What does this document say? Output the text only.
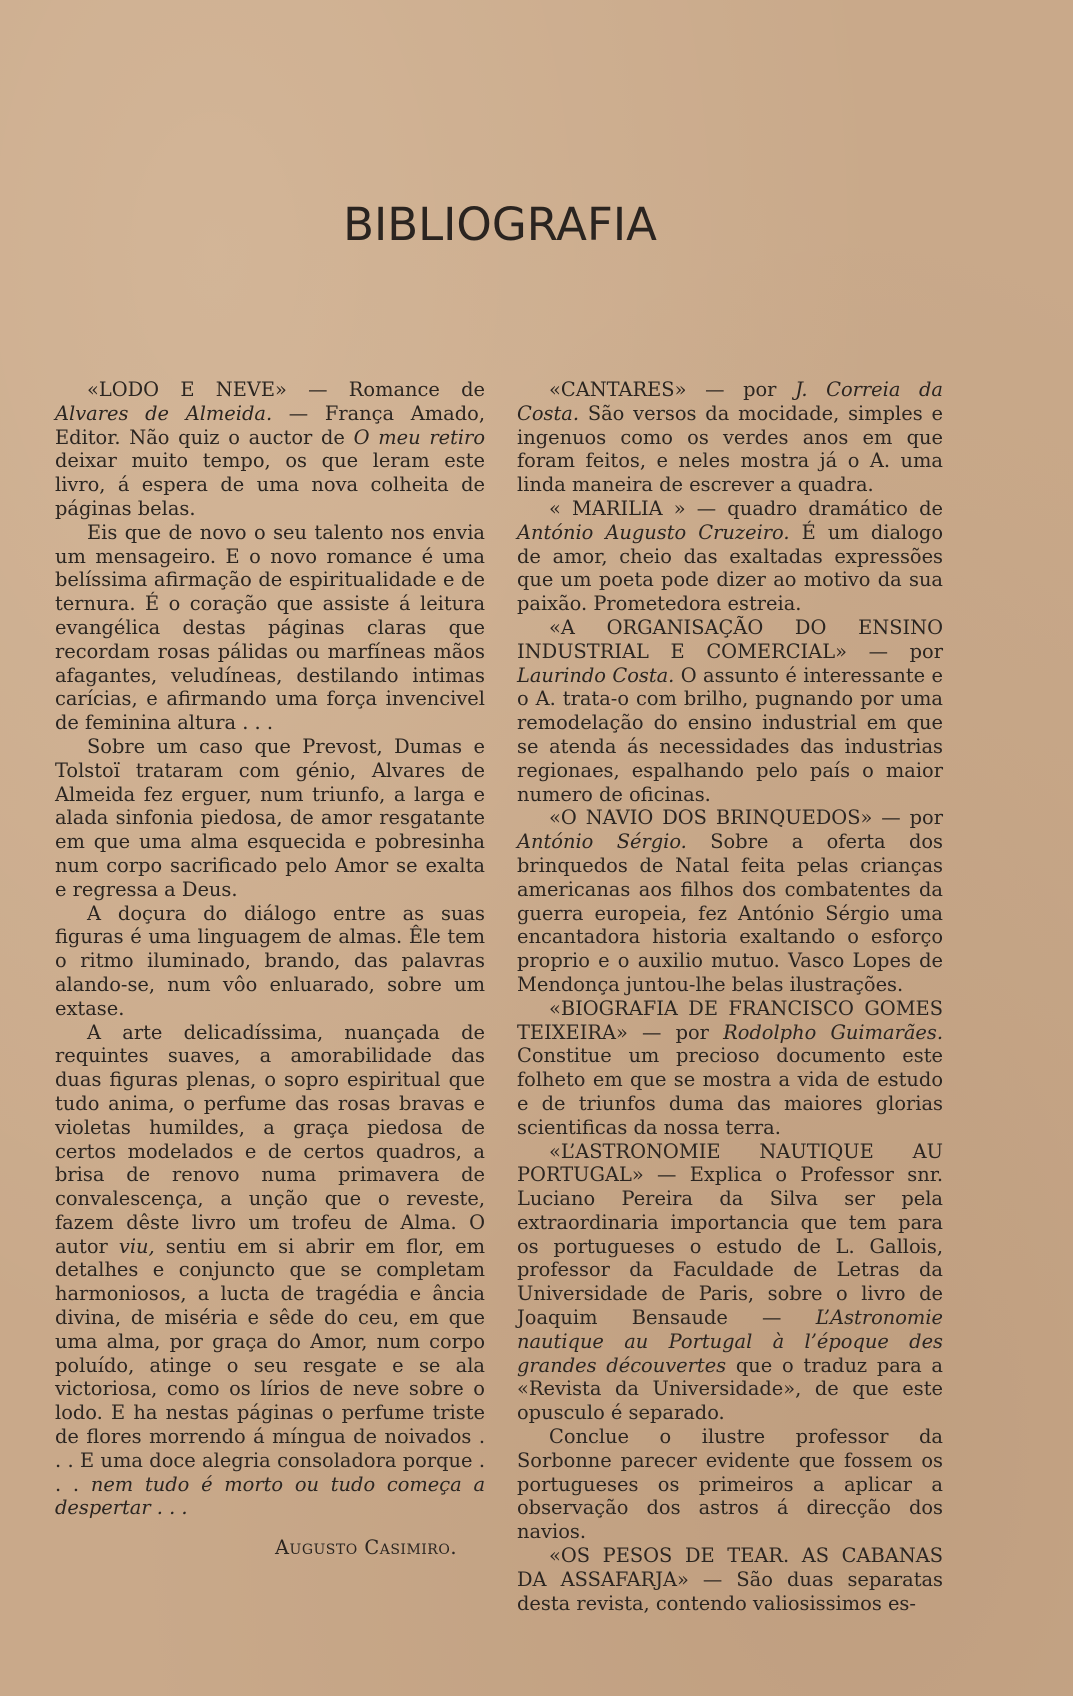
BIBLIOGRAFIA

«LODO E NEVE» — Romance de Alvares de Almeida. — França Amado, Editor. Não quiz o auctor de O meu retiro deixar muito tempo, os que leram este livro, á espera de uma nova colheita de páginas belas.

Eis que de novo o seu talento nos envia um mensageiro. E o novo romance é uma belíssima afirmação de espiritualidade e de ternura. É o coração que assiste á leitura evangélica destas páginas claras que recordam rosas pálidas ou marfíneas mãos afagantes, veludíneas, destilando intimas carícias, e afirmando uma força invencivel de feminina altura . . .

Sobre um caso que Prevost, Dumas e Tolstoï trataram com génio, Alvares de Almeida fez erguer, num triunfo, a larga e alada sinfonia piedosa, de amor resgatante em que uma alma esquecida e pobresinha num corpo sacrificado pelo Amor se exalta e regressa a Deus.

A doçura do diálogo entre as suas figuras é uma linguagem de almas. Êle tem o ritmo iluminado, brando, das palavras alando-se, num vôo enluarado, sobre um extase.

A arte delicadíssima, nuançada de requintes suaves, a amorabilidade das duas figuras plenas, o sopro espiritual que tudo anima, o perfume das rosas bravas e violetas humildes, a graça piedosa de certos modelados e de certos quadros, a brisa de renovo numa primavera de convalescença, a unção que o reveste, fazem dêste livro um trofeu de Alma. O autor viu, sentiu em si abrir em flor, em detalhes e conjuncto que se completam harmoniosos, a lucta de tragédia e ância divina, de miséria e sêde do ceu, em que uma alma, por graça do Amor, num corpo poluído, atinge o seu resgate e se ala victoriosa, como os lírios de neve sobre o lodo. E ha nestas páginas o perfume triste de flores morrendo á míngua de noivados . . . E uma doce alegria consoladora porque . . . nem tudo é morto ou tudo começa a despertar . . .

Augusto Casimiro.

«CANTARES» — por J. Correia da Costa. São versos da mocidade, simples e ingenuos como os verdes anos em que foram feitos, e neles mostra já o A. uma linda maneira de escrever a quadra.

« MARILIA » — quadro dramático de António Augusto Cruzeiro. É um dialogo de amor, cheio das exaltadas expressões que um poeta pode dizer ao motivo da sua paixão. Prometedora estreia.

«A ORGANISAÇÃO DO ENSINO INDUSTRIAL E COMERCIAL» — por Laurindo Costa. O assunto é interessante e o A. trata-o com brilho, pugnando por uma remodelação do ensino industrial em que se atenda ás necessidades das industrias regionaes, espalhando pelo país o maior numero de oficinas.

«O NAVIO DOS BRINQUEDOS» — por António Sérgio. Sobre a oferta dos brinquedos de Natal feita pelas crianças americanas aos filhos dos combatentes da guerra europeia, fez António Sérgio uma encantadora historia exaltando o esforço proprio e o auxilio mutuo. Vasco Lopes de Mendonça juntou-lhe belas ilustrações.

«BIOGRAFIA DE FRANCISCO GOMES TEIXEIRA» — por Rodolpho Guimarães. Constitue um precioso documento este folheto em que se mostra a vida de estudo e de triunfos duma das maiores glorias scientificas da nossa terra.

«L’ASTRONOMIE NAUTIQUE AU PORTUGAL» — Explica o Professor snr. Luciano Pereira da Silva ser pela extraordinaria importancia que tem para os portugueses o estudo de L. Gallois, professor da Faculdade de Letras da Universidade de Paris, sobre o livro de Joaquim Bensaude — L’Astronomie nautique au Portugal à l’époque des grandes découvertes que o traduz para a «Revista da Universidade», de que este opusculo é separado.

Conclue o ilustre professor da Sorbonne parecer evidente que fossem os portugueses os primeiros a aplicar a observação dos astros á direcção dos navios.

«OS PESOS DE TEAR. AS CABANAS DA ASSAFARJA» — São duas separatas desta revista, contendo valiosissimos es-
